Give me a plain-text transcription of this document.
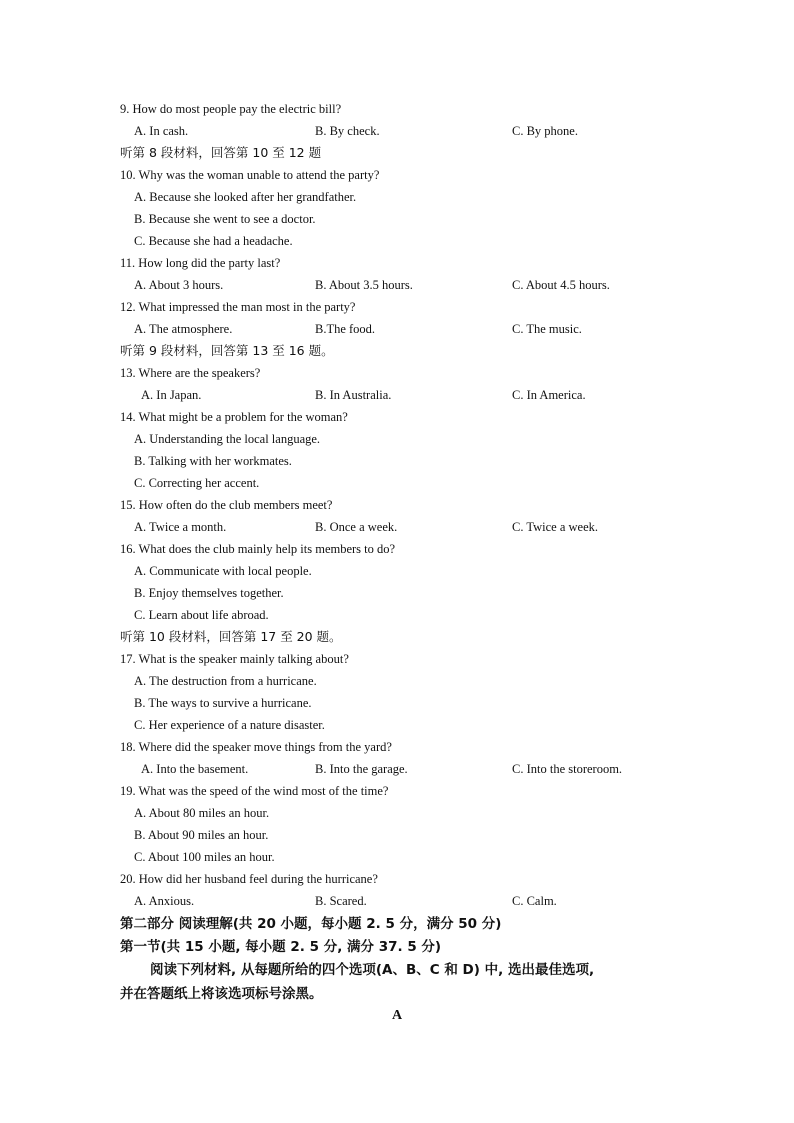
9. How do most people pay the electric bill?
A. In cash.	B. By check.	C. By phone.
听第 8 段材料，回答第 10 至 12 题
10. Why was the woman unable to attend the party?
A. Because she looked after her grandfather.
B. Because she went to see a doctor.
C. Because she had a headache.
11. How long did the party last?
A. About 3 hours.	B. About 3.5 hours.	C. About 4.5 hours.
12. What impressed the man most in the party?
A. The atmosphere.	B.The food.	C. The music.
听第 9 段材料，回答第 13 至 16 题。
13. Where are the speakers?
A. In Japan.	B. In Australia.	C. In America.
14. What might be a problem for the woman?
A. Understanding the local language.
B. Talking with her workmates.
C. Correcting her accent.
15. How often do the club members meet?
A. Twice a month.	B. Once a week.	C. Twice a week.
16. What does the club mainly help its members to do?
A. Communicate with local people.
B. Enjoy themselves together.
C. Learn about life abroad.
听第 10 段材料，回答第 17 至 20 题。
17. What is the speaker mainly talking about?
A. The destruction from a hurricane.
B. The ways to survive a hurricane.
C. Her experience of a nature disaster.
18. Where did the speaker move things from the yard?
A. Into the basement.	B. Into the garage.	C. Into the storeroom.
19. What was the speed of the wind most of the time?
A. About 80 miles an hour.
B. About 90 miles an hour.
C. About 100 miles an hour.
20. How did her husband feel during the hurricane?
A. Anxious.	B. Scared.	C. Calm.
第二部分 阅读理解(共 20 小题，每小题 2. 5 分，满分 50 分)
第一节(共 15 小题, 每小题 2. 5 分, 满分 37. 5 分)
阅读下列材料, 从每题所给的四个选项(A、B、C 和 D) 中, 选出最佳选项,
并在答题纸上将该选项标号涂黑。
A
